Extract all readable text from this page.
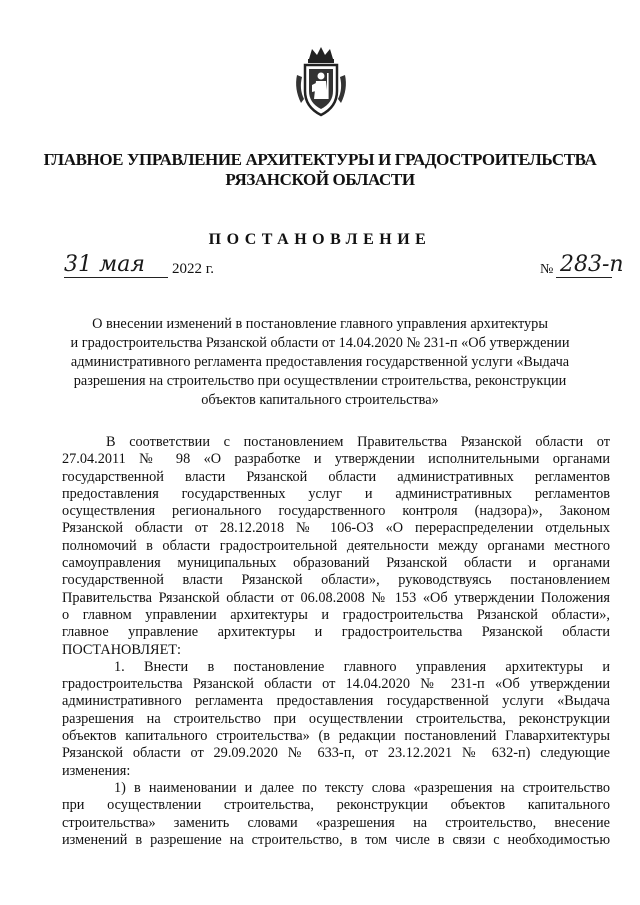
ГЛАВНОЕ УПРАВЛЕНИЕ АРХИТЕКТУРЫ И ГРАДОСТРОИТЕЛЬСТВА
РЯЗАНСКОЙ ОБЛАСТИ
ПОСТАНОВЛЕНИЕ
31 мая 2022 г.	№ 283-п
О внесении изменений в постановление главного управления архитектуры
и градостроительства Рязанской области от 14.04.2020 № 231-п «Об утверждении
административного регламента предоставления государственной услуги «Выдача
разрешения на строительство при осуществлении строительства, реконструкции
объектов капитального строительства»
В соответствии с постановлением Правительства Рязанской области от
27.04.2011 № 98 «О разработке и утверждении исполнительными органами
государственной власти Рязанской области административных регламентов
предоставления государственных услуг и административных регламентов
осуществления регионального государственного контроля (надзора)», Законом
Рязанской области от 28.12.2018 № 106-ОЗ «О перераспределении отдельных
полномочий в области градостроительной деятельности между органами местного
самоуправления муниципальных образований Рязанской области и органами
государственной власти Рязанской области», руководствуясь постановлением
Правительства Рязанской области от 06.08.2008 № 153 «Об утверждении Положения
о главном управлении архитектуры и градостроительства Рязанской области»,
главное управление архитектуры и градостроительства Рязанской области
ПОСТАНОВЛЯЕТ:
1. Внести в постановление главного управления архитектуры и
градостроительства Рязанской области от 14.04.2020 № 231-п «Об утверждении
административного регламента предоставления государственной услуги «Выдача
разрешения на строительство при осуществлении строительства, реконструкции
объектов капитального строительства» (в редакции постановлений Главархитектуры
Рязанской области от 29.09.2020 № 633-п, от 23.12.2021 № 632-п) следующие
изменения:
1) в наименовании и далее по тексту слова «разрешения на строительство
при осуществлении строительства, реконструкции объектов капитального
строительства» заменить словами «разрешения на строительство, внесение
изменений в разрешение на строительство, в том числе в связи с необходимостью
